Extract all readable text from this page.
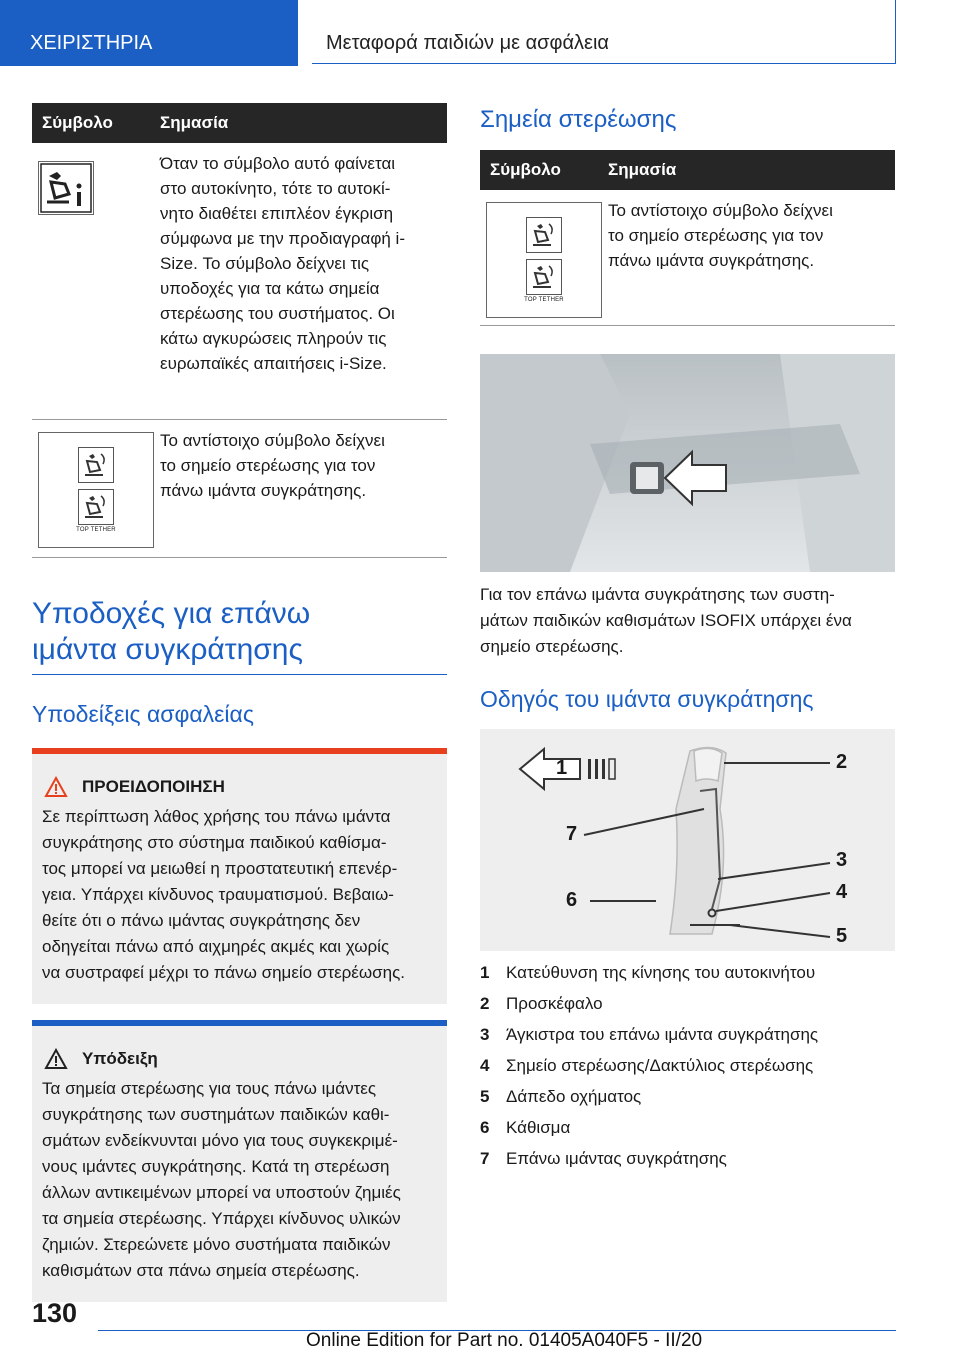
ΧΕΙΡΙΣΤΗΡΙΑ	Μεταφορά παιδιών με ασφάλεια
Σύμβολο	Σημασία
Όταν το σύμβολο αυτό φαίνεται
στο αυτοκίνητο, τότε το αυτοκί-
νητο διαθέτει επιπλέον έγκριση
σύμφωνα με την προδιαγραφή i-
Size. Το σύμβολο δείχνει τις
υποδοχές για τα κάτω σημεία
στερέωσης του συστήματος. Οι
κάτω αγκυρώσεις πληρούν τις
ευρωπαϊκές απαιτήσεις i-Size.
TOP TETHER
Το αντίστοιχο σύμβολο δείχνει
το σημείο στερέωσης για τον
πάνω ιμάντα συγκράτησης.
Υποδοχές για επάνω
ιμάντα συγκράτησης
Υποδείξεις ασφαλείας
ΠΡΟΕΙΔΟΠΟΙΗΣΗ
Σε περίπτωση λάθος χρήσης του πάνω ιμάντα
συγκράτησης στο σύστημα παιδικού καθίσμα-
τος μπορεί να μειωθεί η προστατευτική επενέρ-
γεια. Υπάρχει κίνδυνος τραυματισμού. Βεβαιω-
θείτε ότι ο πάνω ιμάντας συγκράτησης δεν
οδηγείται πάνω από αιχμηρές ακμές και χωρίς
να συστραφεί μέχρι το πάνω σημείο στερέωσης.
Υπόδειξη
Τα σημεία στερέωσης για τους πάνω ιμάντες
συγκράτησης των συστημάτων παιδικών καθι-
σμάτων ενδείκνυνται μόνο για τους συγκεκριμέ-
νους ιμάντες συγκράτησης. Κατά τη στερέωση
άλλων αντικειμένων μπορεί να υποστούν ζημιές
τα σημεία στερέωσης. Υπάρχει κίνδυνος υλικών
ζημιών. Στερεώνετε μόνο συστήματα παιδικών
καθισμάτων στα πάνω σημεία στερέωσης.
Σημεία στερέωσης
Σύμβολο	Σημασία
TOP TETHER
Το αντίστοιχο σύμβολο δείχνει
το σημείο στερέωσης για τον
πάνω ιμάντα συγκράτησης.
Για τον επάνω ιμάντα συγκράτησης των συστη-
μάτων παιδικών καθισμάτων ISOFIX υπάρχει ένα
σημείο στερέωσης.
Οδηγός του ιμάντα συγκράτησης
1	2
7
3
6	4
5
1 Κατεύθυνση της κίνησης του αυτοκινήτου
2 Προσκέφαλο
3 Άγκιστρα του επάνω ιμάντα συγκράτησης
4 Σημείο στερέωσης/Δακτύλιος στερέωσης
5 Δάπεδο οχήματος
6 Κάθισμα
7 Επάνω ιμάντας συγκράτησης
130
Online Edition for Part no. 01405A040F5 - II/20
